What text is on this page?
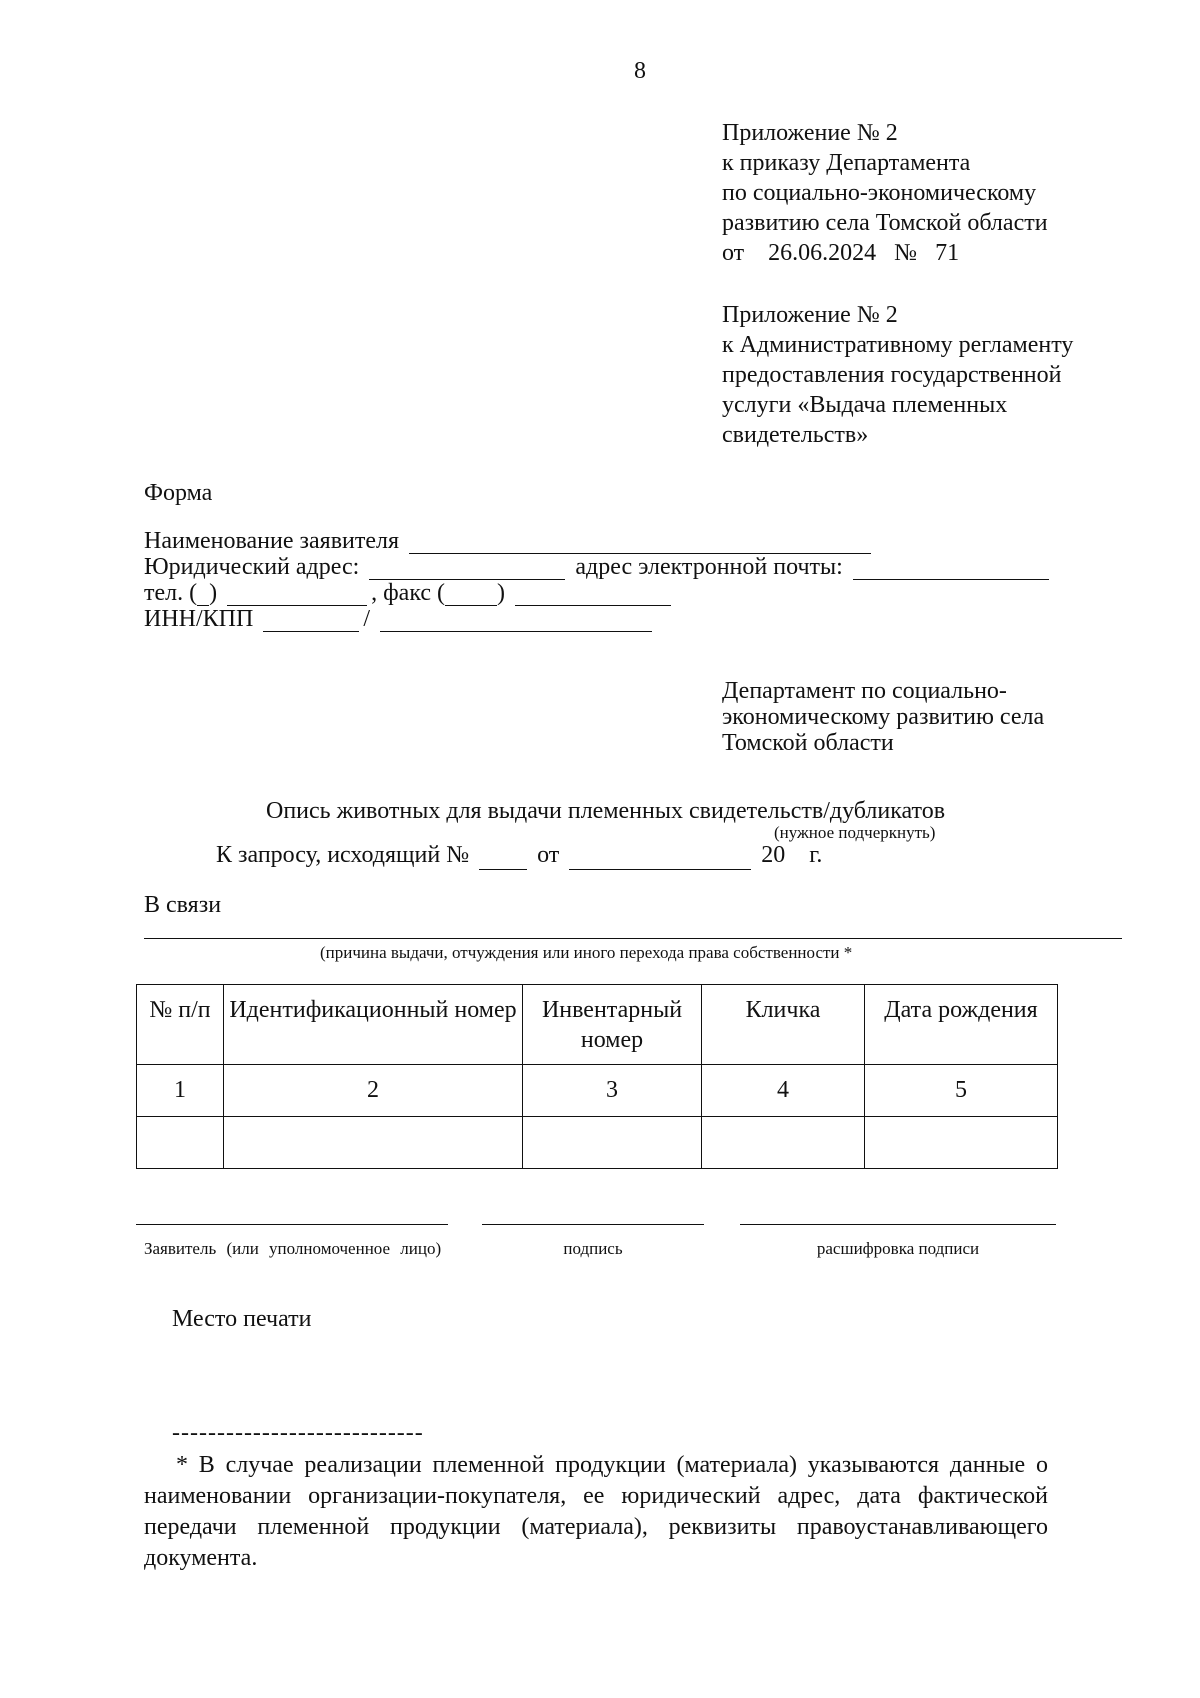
8
Приложение № 2
к приказу Департамента
по социально-экономическому
развитию села Томской области
от 26.06.2024 № 71
Приложение № 2
к Административному регламенту
предоставления государственной
услуги «Выдача племенных
свидетельств»
Форма
Наименование заявителя
Юридический адрес:	адрес электронной почты:
тел. ( )	, факс ( )
ИНН/КПП	/
Департамент по социально-
экономическому развитию села
Томской области
Опись животных для выдачи племенных свидетельств/дубликатов
(нужное подчеркнуть)
К запросу, исходящий №	от	20 г.
В связи
(причина выдачи, отчуждения или иного перехода права собственности *
№ п/п	Идентификационный номер	Инвентарный номер	Кличка	Дата рождения
1	2	3	4	5

Заявитель (или уполномоченное лицо)	подпись	расшифровка подписи
Место печати
----------------------------
* В случае реализации племенной продукции (материала) указываются данные о наименовании организации-покупателя, ее юридический адрес, дата фактической передачи племенной продукции (материала), реквизиты правоустанавливающего документа.
